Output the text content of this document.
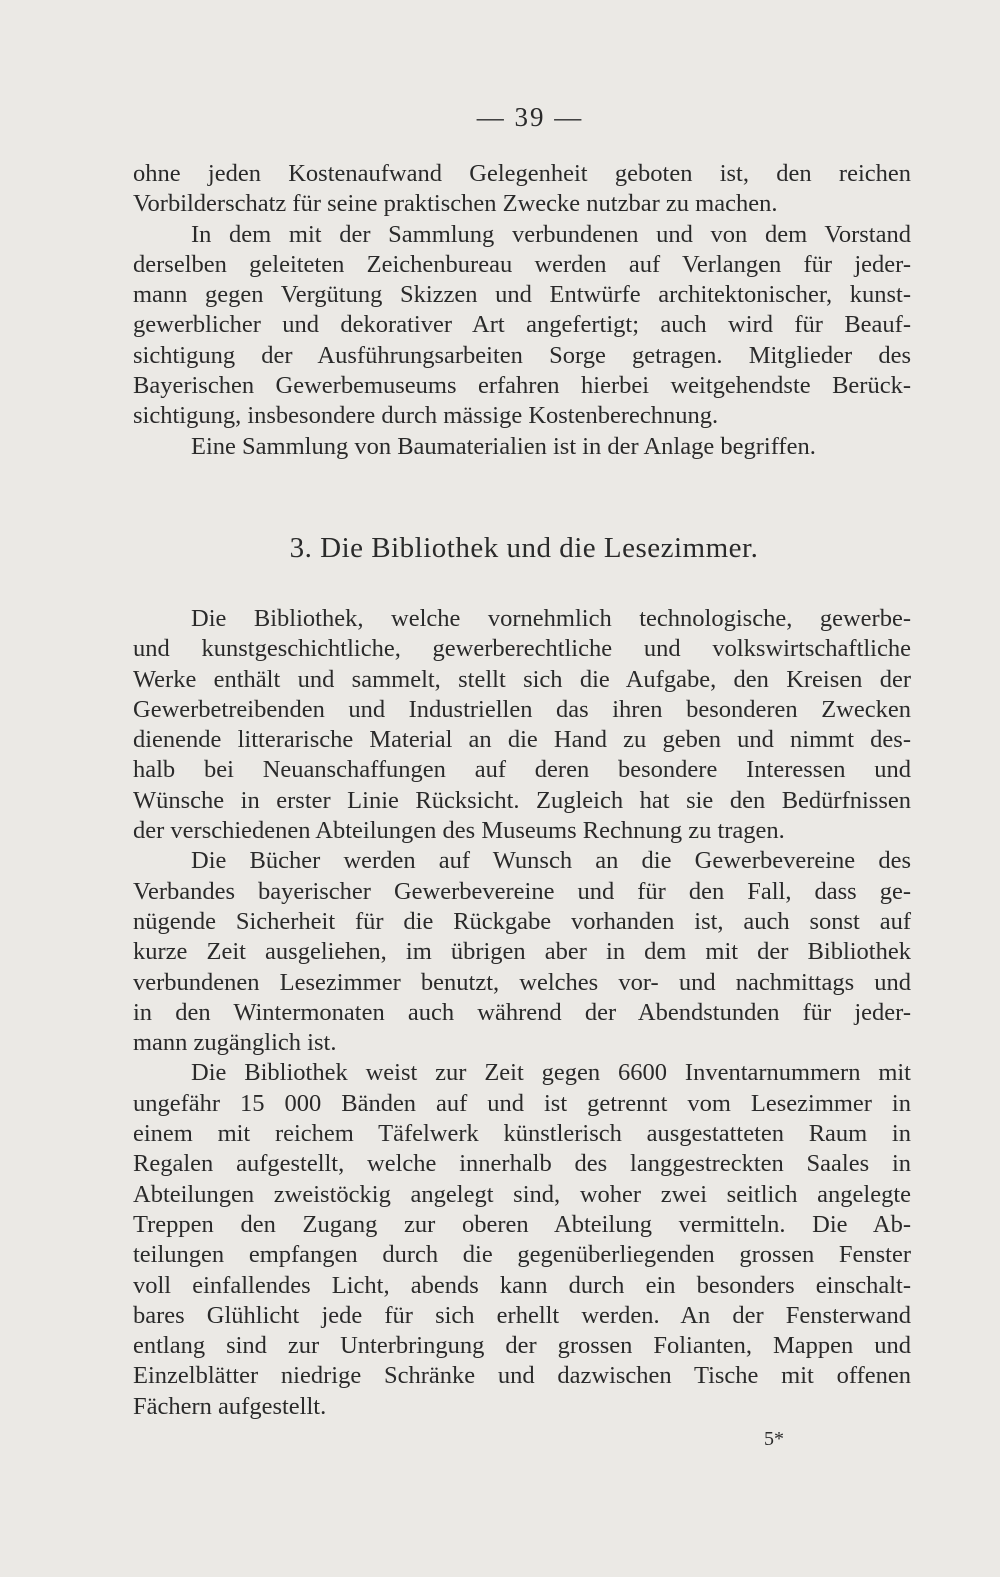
— 39 —
ohne jeden Kostenaufwand Gelegenheit geboten ist, den reichen
Vorbilderschatz für seine praktischen Zwecke nutzbar zu machen.
In dem mit der Sammlung verbundenen und von dem Vorstand
derselben geleiteten Zeichenbureau werden auf Verlangen für jeder-
mann gegen Vergütung Skizzen und Entwürfe architektonischer, kunst-
gewerblicher und dekorativer Art angefertigt; auch wird für Beauf-
sichtigung der Ausführungsarbeiten Sorge getragen. Mitglieder des
Bayerischen Gewerbemuseums erfahren hierbei weitgehendste Berück-
sichtigung, insbesondere durch mässige Kostenberechnung.
Eine Sammlung von Baumaterialien ist in der Anlage begriffen.
3. Die Bibliothek und die Lesezimmer.
Die Bibliothek, welche vornehmlich technologische, gewerbe-
und kunstgeschichtliche, gewerberechtliche und volkswirtschaftliche
Werke enthält und sammelt, stellt sich die Aufgabe, den Kreisen der
Gewerbetreibenden und Industriellen das ihren besonderen Zwecken
dienende litterarische Material an die Hand zu geben und nimmt des-
halb bei Neuanschaffungen auf deren besondere Interessen und
Wünsche in erster Linie Rücksicht. Zugleich hat sie den Bedürfnissen
der verschiedenen Abteilungen des Museums Rechnung zu tragen.
Die Bücher werden auf Wunsch an die Gewerbevereine des
Verbandes bayerischer Gewerbevereine und für den Fall, dass ge-
nügende Sicherheit für die Rückgabe vorhanden ist, auch sonst auf
kurze Zeit ausgeliehen, im übrigen aber in dem mit der Bibliothek
verbundenen Lesezimmer benutzt, welches vor- und nachmittags und
in den Wintermonaten auch während der Abendstunden für jeder-
mann zugänglich ist.
Die Bibliothek weist zur Zeit gegen 6600 Inventarnummern mit
ungefähr 15 000 Bänden auf und ist getrennt vom Lesezimmer in
einem mit reichem Täfelwerk künstlerisch ausgestatteten Raum in
Regalen aufgestellt, welche innerhalb des langgestreckten Saales in
Abteilungen zweistöckig angelegt sind, woher zwei seitlich angelegte
Treppen den Zugang zur oberen Abteilung vermitteln. Die Ab-
teilungen empfangen durch die gegenüberliegenden grossen Fenster
voll einfallendes Licht, abends kann durch ein besonders einschalt-
bares Glühlicht jede für sich erhellt werden. An der Fensterwand
entlang sind zur Unterbringung der grossen Folianten, Mappen und
Einzelblätter niedrige Schränke und dazwischen Tische mit offenen
Fächern aufgestellt.
5*
